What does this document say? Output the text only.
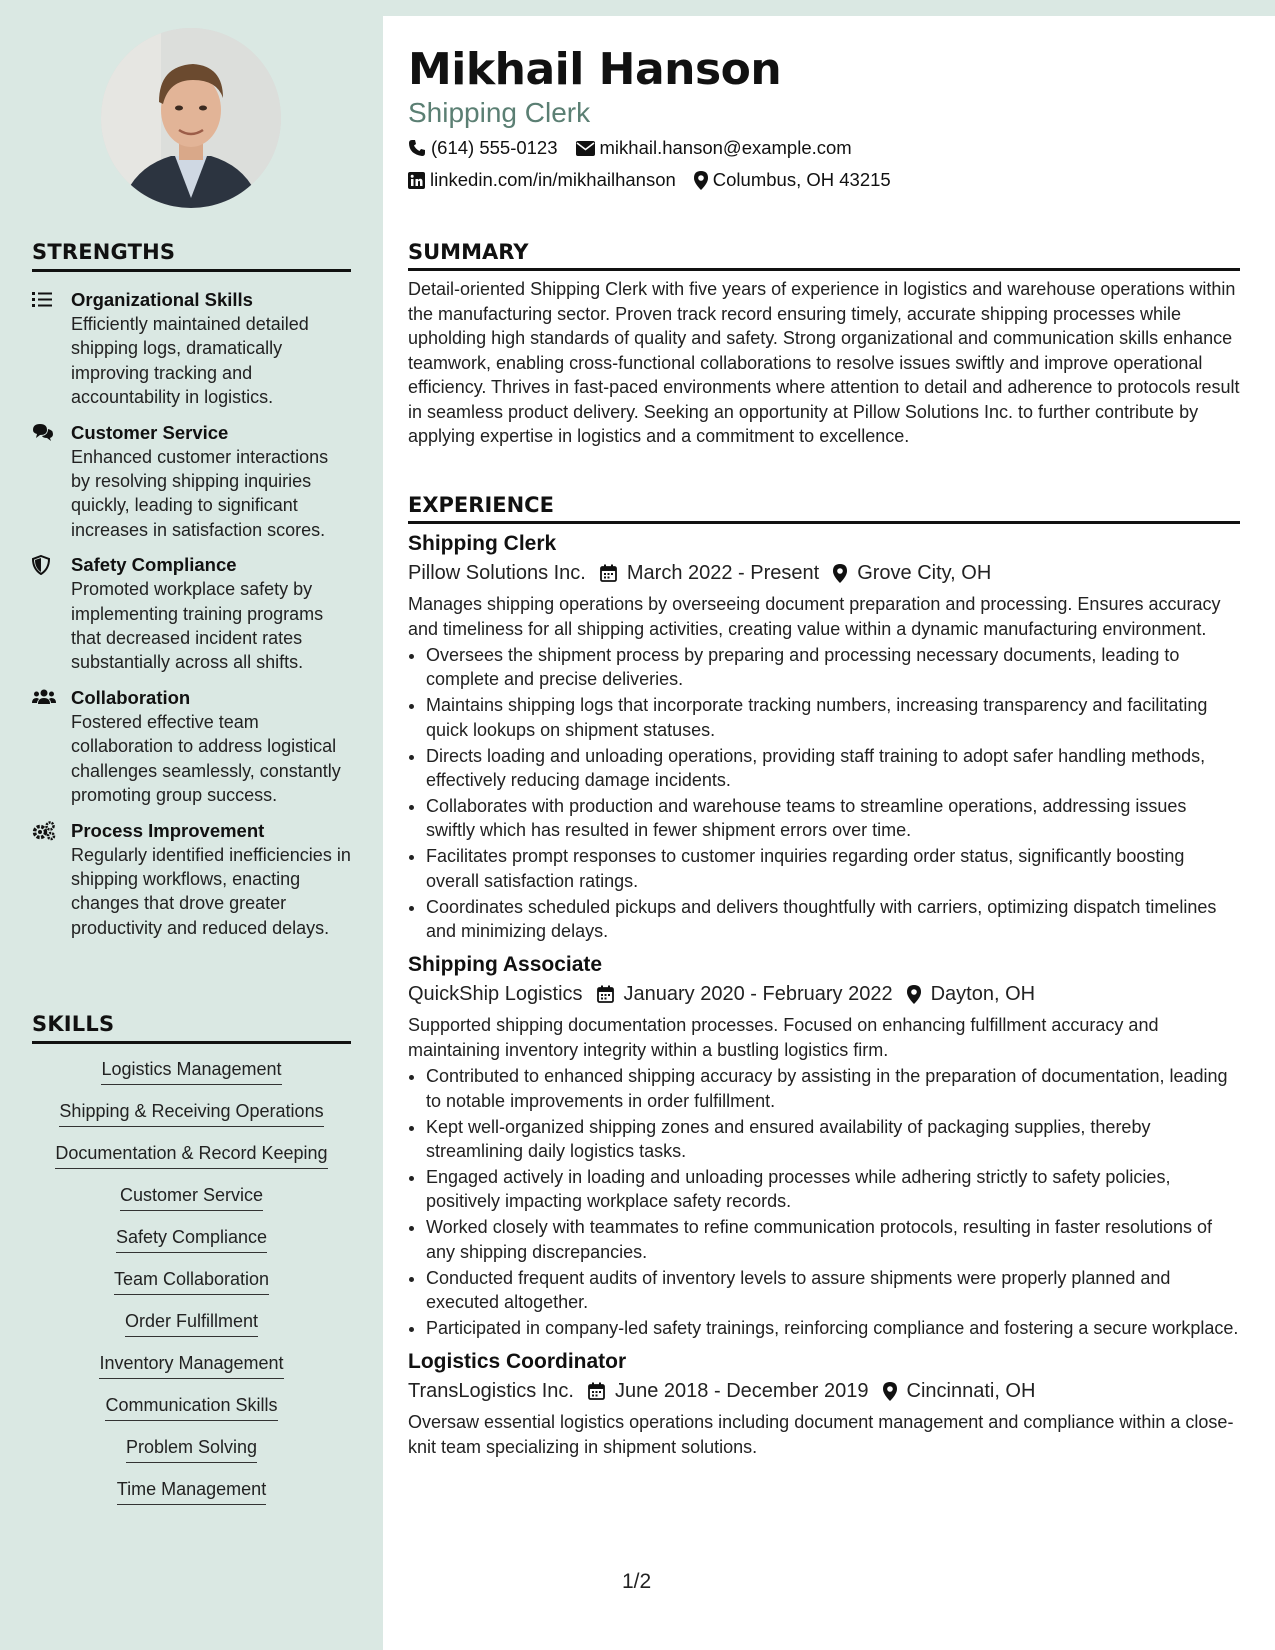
STRENGTHS
Organizational Skills
Efficiently maintained detailed shipping logs, dramatically improving tracking and accountability in logistics.
Customer Service
Enhanced customer interactions by resolving shipping inquiries quickly, leading to significant increases in satisfaction scores.
Safety Compliance
Promoted workplace safety by implementing training programs that decreased incident rates substantially across all shifts.
Collaboration
Fostered effective team collaboration to address logistical challenges seamlessly, constantly promoting group success.
Process Improvement
Regularly identified inefficiencies in shipping workflows, enacting changes that drove greater productivity and reduced delays.
SKILLS
Logistics Management
Shipping & Receiving Operations
Documentation & Record Keeping
Customer Service
Safety Compliance
Team Collaboration
Order Fulfillment
Inventory Management
Communication Skills
Problem Solving
Time Management
Mikhail Hanson
Shipping Clerk
(614) 555-0123 mikhail.hanson@example.com
linkedin.com/in/mikhailhanson Columbus, OH 43215
SUMMARY
Detail-oriented Shipping Clerk with five years of experience in logistics and warehouse operations within the manufacturing sector. Proven track record ensuring timely, accurate shipping processes while upholding high standards of quality and safety. Strong organizational and communication skills enhance teamwork, enabling cross-functional collaborations to resolve issues swiftly and improve operational efficiency. Thrives in fast-paced environments where attention to detail and adherence to protocols result in seamless product delivery. Seeking an opportunity at Pillow Solutions Inc. to further contribute by applying expertise in logistics and a commitment to excellence.
EXPERIENCE
Shipping Clerk
Pillow Solutions Inc. March 2022 - Present Grove City, OH
Manages shipping operations by overseeing document preparation and processing. Ensures accuracy and timeliness for all shipping activities, creating value within a dynamic manufacturing environment.
• Oversees the shipment process by preparing and processing necessary documents, leading to complete and precise deliveries.
• Maintains shipping logs that incorporate tracking numbers, increasing transparency and facilitating quick lookups on shipment statuses.
• Directs loading and unloading operations, providing staff training to adopt safer handling methods, effectively reducing damage incidents.
• Collaborates with production and warehouse teams to streamline operations, addressing issues swiftly which has resulted in fewer shipment errors over time.
• Facilitates prompt responses to customer inquiries regarding order status, significantly boosting overall satisfaction ratings.
• Coordinates scheduled pickups and delivers thoughtfully with carriers, optimizing dispatch timelines and minimizing delays.
Shipping Associate
QuickShip Logistics January 2020 - February 2022 Dayton, OH
Supported shipping documentation processes. Focused on enhancing fulfillment accuracy and maintaining inventory integrity within a bustling logistics firm.
• Contributed to enhanced shipping accuracy by assisting in the preparation of documentation, leading to notable improvements in order fulfillment.
• Kept well-organized shipping zones and ensured availability of packaging supplies, thereby streamlining daily logistics tasks.
• Engaged actively in loading and unloading processes while adhering strictly to safety policies, positively impacting workplace safety records.
• Worked closely with teammates to refine communication protocols, resulting in faster resolutions of any shipping discrepancies.
• Conducted frequent audits of inventory levels to assure shipments were properly planned and executed altogether.
• Participated in company-led safety trainings, reinforcing compliance and fostering a secure workplace.
Logistics Coordinator
TransLogistics Inc. June 2018 - December 2019 Cincinnati, OH
Oversaw essential logistics operations including document management and compliance within a close-knit team specializing in shipment solutions.
1/2
